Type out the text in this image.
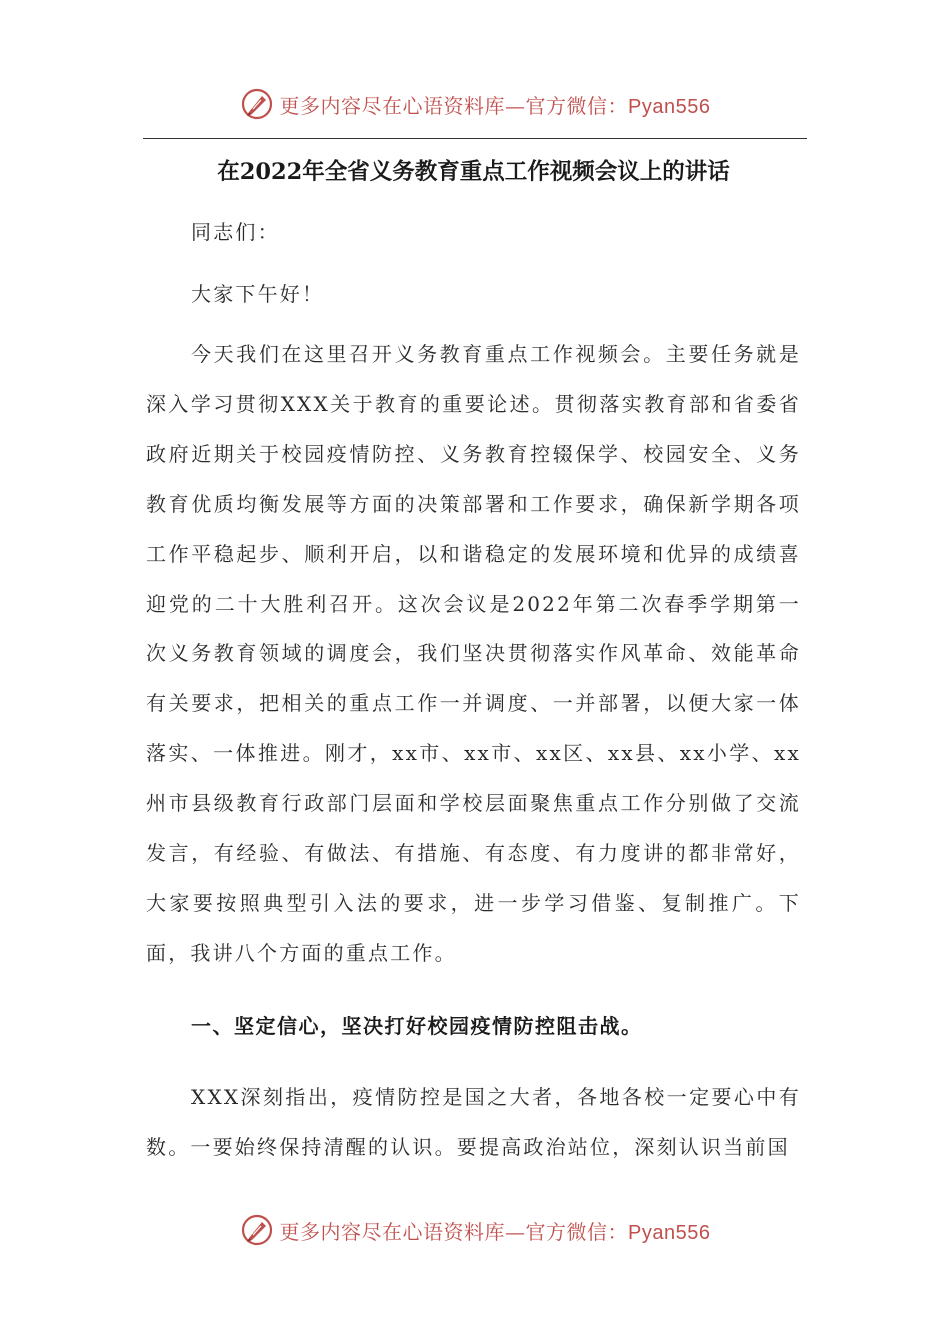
更多内容尽在心语资料库—官方微信：Pyan556
在2022年全省义务教育重点工作视频会议上的讲话

同志们：

大家下午好！

今天我们在这里召开义务教育重点工作视频会。主要任务就是深入学习贯彻XXX关于教育的重要论述。贯彻落实教育部和省委省政府近期关于校园疫情防控、义务教育控辍保学、校园安全、义务教育优质均衡发展等方面的决策部署和工作要求，确保新学期各项工作平稳起步、顺利开启，以和谐稳定的发展环境和优异的成绩喜迎党的二十大胜利召开。这次会议是2022年第二次春季学期第一次义务教育领域的调度会，我们坚决贯彻落实作风革命、效能革命有关要求，把相关的重点工作一并调度、一并部署，以便大家一体落实、一体推进。刚才，xx市、xx市、xx区、xx县、xx小学、xx州市县级教育行政部门层面和学校层面聚焦重点工作分别做了交流发言，有经验、有做法、有措施、有态度、有力度讲的都非常好，大家要按照典型引入法的要求，进一步学习借鉴、复制推广。下面，我讲八个方面的重点工作。

一、坚定信心，坚决打好校园疫情防控阻击战。

XXX深刻指出，疫情防控是国之大者，各地各校一定要心中有数。一要始终保持清醒的认识。要提高政治站位，深刻认识当前国

更多内容尽在心语资料库—官方微信：Pyan556
